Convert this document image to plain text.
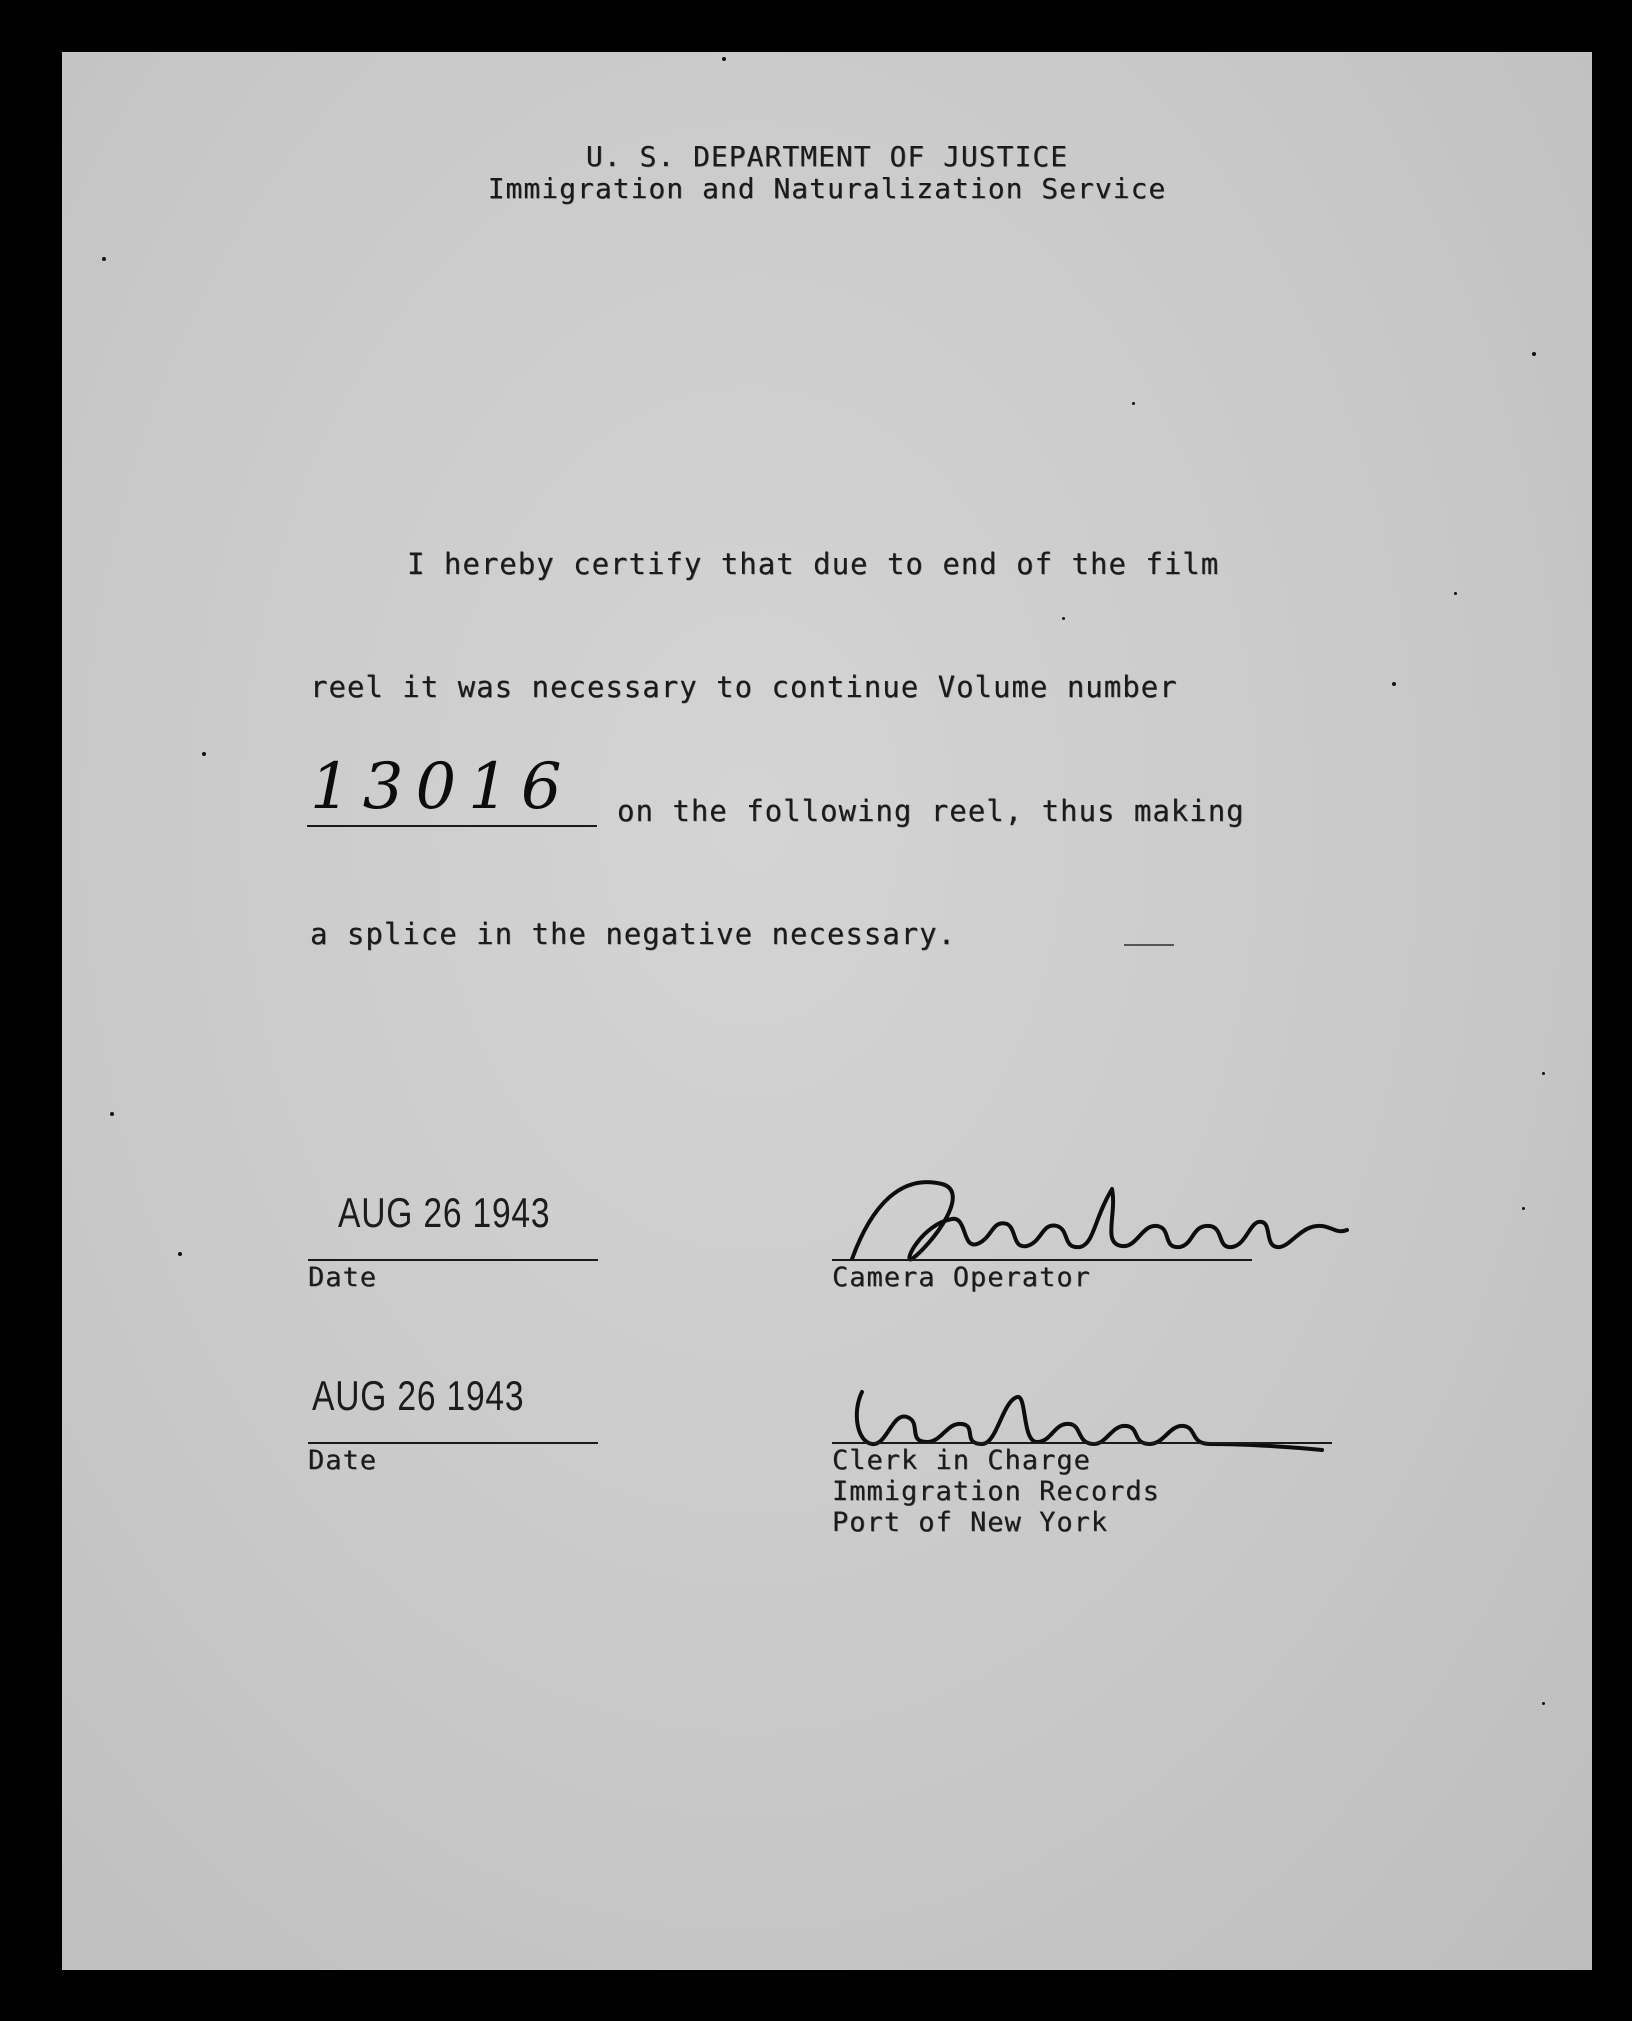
U. S. DEPARTMENT OF JUSTICE
Immigration and Naturalization Service
I hereby certify that due to end of the film
reel it was necessary to continue Volume number
13016 on the following reel, thus making
a splice in the negative necessary.
AUG 26 1943
Date	Camera Operator
AUG 26 1943
Date	Clerk in Charge
Immigration Records
Port of New York
